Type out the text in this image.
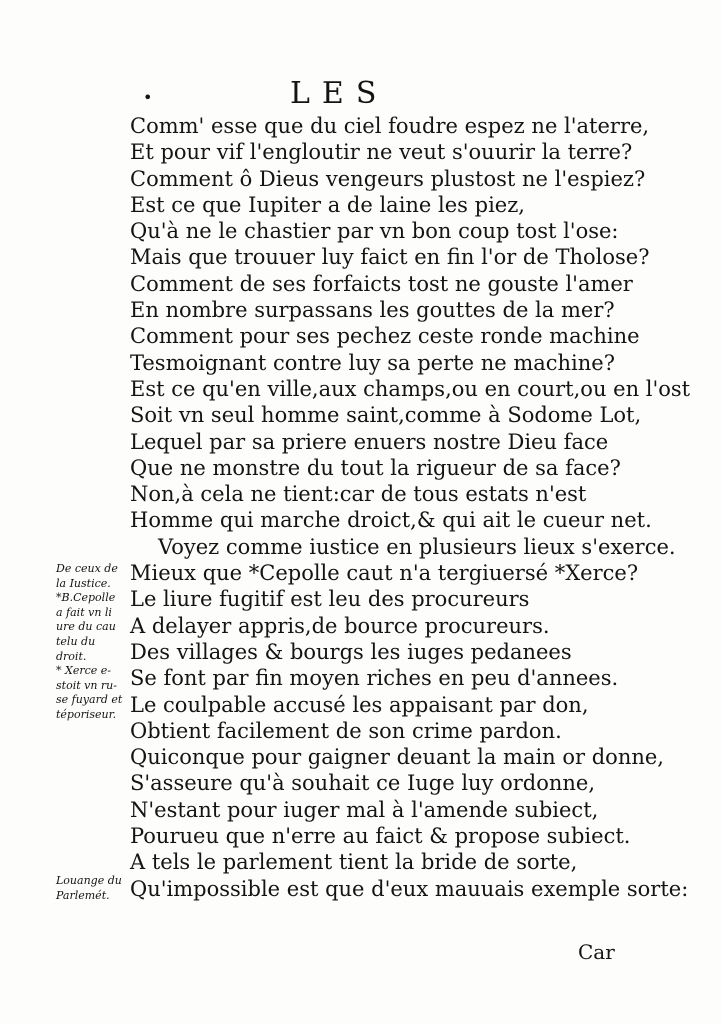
•	LES
Comm' esse que du ciel foudre espez ne l'aterre,
Et pour vif l'engloutir ne veut s'ouurir la terre?
Comment ô Dieus vengeurs plustost ne l'espiez?
Est ce que Iupiter a de laine les piez,
Qu'à ne le chastier par vn bon coup tost l'ose:
Mais que trouuer luy faict en fin l'or de Tholose?
Comment de ses forfaicts tost ne gouste l'amer
En nombre surpassans les gouttes de la mer?
Comment pour ses pechez ceste ronde machine
Tesmoignant contre luy sa perte ne machine?
Est ce qu'en ville,aux champs,ou en court,ou en l'ost
Soit vn seul homme saint,comme à Sodome Lot,
Lequel par sa priere enuers nostre Dieu face
Que ne monstre du tout la rigueur de sa face?
Non,à cela ne tient:car de tous estats n'est
Homme qui marche droict,& qui ait le cueur net.
Voyez comme iustice en plusieurs lieux s'exerce.
Mieux que *Cepolle caut n'a tergiuersé *Xerce?
Le liure fugitif est leu des procureurs
A delayer appris,de bource procureurs.
Des villages & bourgs les iuges pedanees
Se font par fin moyen riches en peu d'annees.
Le coulpable accusé les appaisant par don,
Obtient facilement de son crime pardon.
Quiconque pour gaigner deuant la main or donne,
S'asseure qu'à souhait ce Iuge luy ordonne,
N'estant pour iuger mal à l'amende subiect,
Pourueu que n'erre au faict & propose subiect.
A tels le parlement tient la bride de sorte,
Qu'impossible est que d'eux mauuais exemple sorte:
De ceux de
la Iustice.
*B.Cepolle
a fait vn li
ure du cau
telu du
droit.
* Xerce e-
stoit vn ru-
se fuyard et
téporiseur.
Louange du
Parlemét.
Car
